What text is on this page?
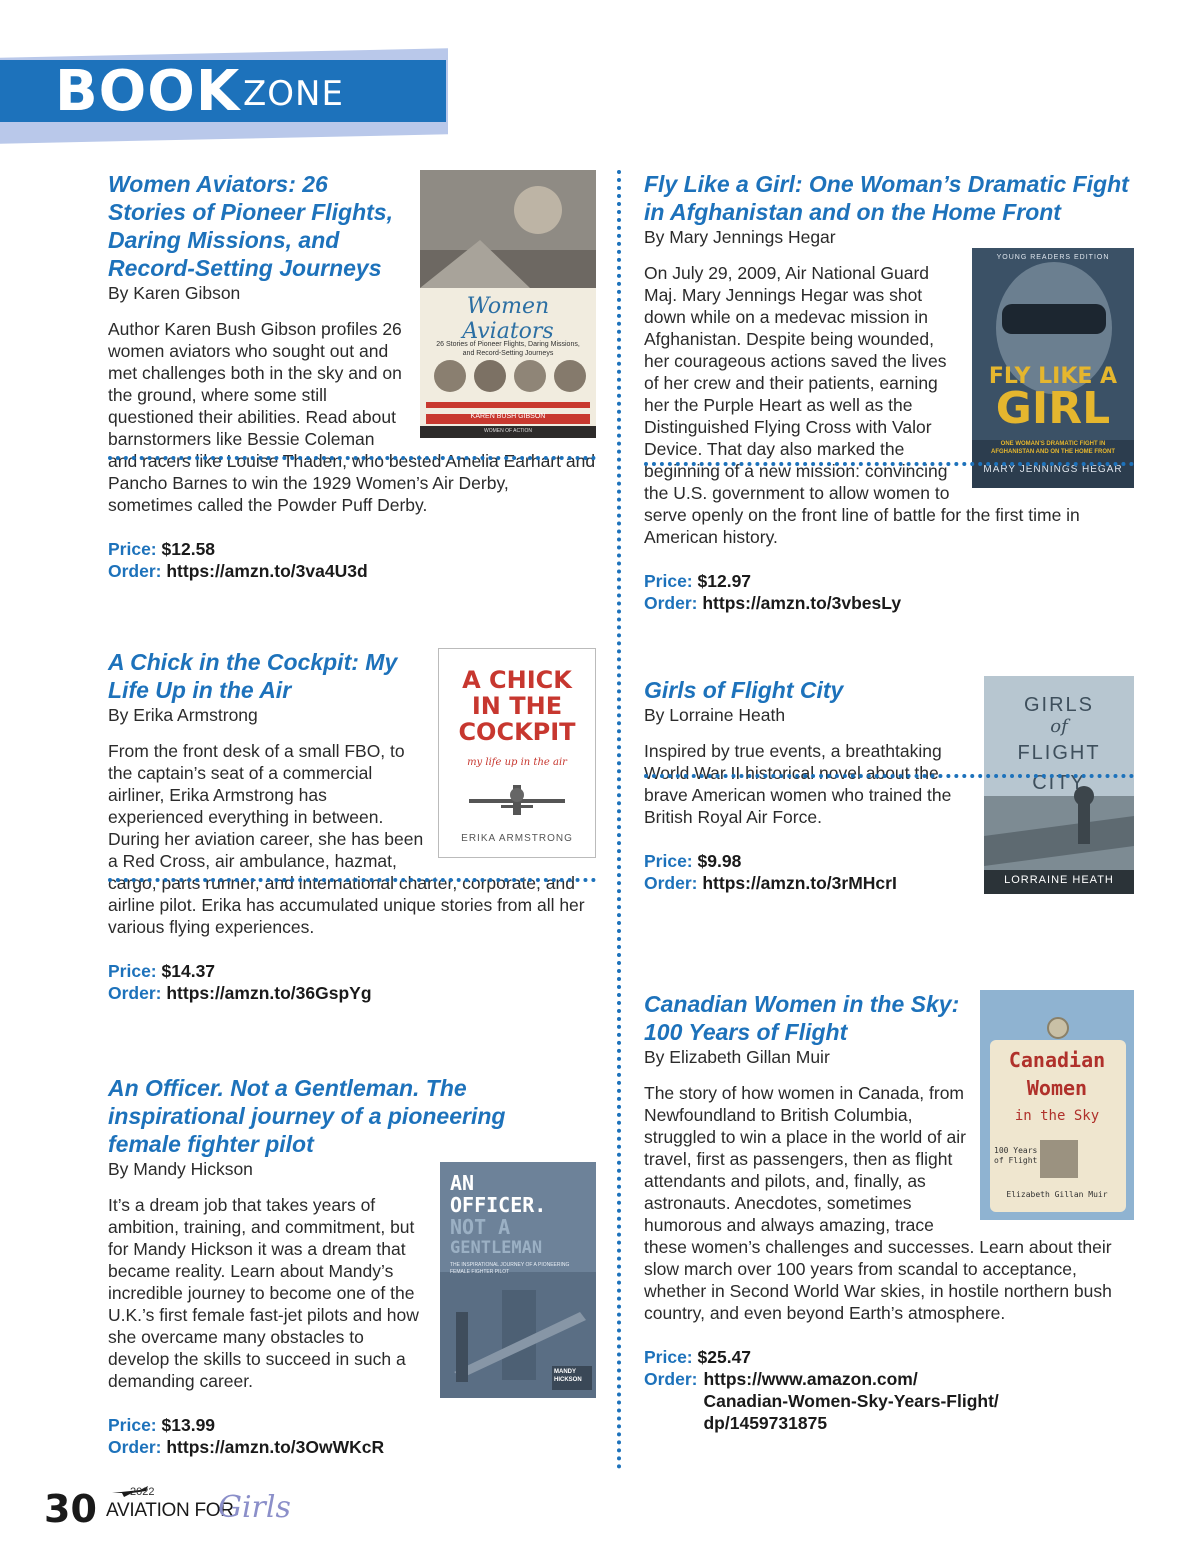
BOOK ZONE
Women Aviators
26 Stories of Pioneer Flights, Daring Missions, and Record-Setting Journeys
KAREN BUSH GIBSON
WOMEN OF ACTION
Women Aviators: 26 Stories of Pioneer Flights, Daring Missions, and Record-Setting Journeys

By Karen Gibson

Author Karen Bush Gibson profiles 26 women aviators who sought out and met challenges both in the sky and on the ground, where some still questioned their abilities. Read about barnstormers like Bessie Coleman and racers like Louise Thaden, who bested Amelia Earhart and Pancho Barnes to win the 1929 Women’s Air Derby, sometimes called the Powder Puff Derby.

Price: $12.58

Order: https://amzn.to/3va4U3d

A CHICK
IN THE
COCKPIT
my life up in the air
ERIKA ARMSTRONG
A Chick in the Cockpit: My Life Up in the Air

By Erika Armstrong

From the front desk of a small FBO, to the captain’s seat of a commercial airliner, Erika Armstrong has experienced everything in between. During her aviation career, she has been a Red Cross, air ambulance, hazmat, cargo, parts runner, and international charter, corporate, and airline pilot. Erika has accumulated unique stories from all her various flying experiences.

Price: $14.37

Order: https://amzn.to/36GspYg

An Officer. Not a Gentleman. The inspirational journey of a pioneering female fighter pilot

By Mandy Hickson

AN
OFFICER.
NOT A
GENTLEMAN
THE INSPIRATIONAL JOURNEY OF A PIONEERING FEMALE FIGHTER PILOT
MANDY HICKSON

It’s a dream job that takes years of ambition, training, and commitment, but for Mandy Hickson it was a dream that became reality. Learn about Mandy’s incredible journey to become one of the U.K.’s first female fast-jet pilots and how she overcame many obstacles to develop the skills to succeed in such a demanding career.

Price: $13.99

Order: https://amzn.to/3OwWKcR

Fly Like a Girl: One Woman’s Dramatic Fight in Afghanistan and on the Home Front

By Mary Jennings Hegar

YOUNG READERS EDITION
FLY LIKE A
GIRL
ONE WOMAN'S DRAMATIC FIGHT IN AFGHANISTAN AND ON THE HOME FRONT
MARY JENNINGS HEGAR

On July 29, 2009, Air National Guard Maj. Mary Jennings Hegar was shot down while on a medevac mission in Afghanistan. Despite being wounded, her courageous actions saved the lives of her crew and their patients, earning her the Purple Heart as well as the Distinguished Flying Cross with Valor Device. That day also marked the beginning of a new mission: convincing the U.S. government to allow women to serve openly on the front line of battle for the first time in American history.

Price: $12.97

Order: https://amzn.to/3vbesLy

GIRLS
of
FLIGHT
CITY
LORRAINE HEATH
Girls of Flight City

By Lorraine Heath

Inspired by true events, a breathtaking World War II historical novel about the brave American women who trained the British Royal Air Force.

Price: $9.98

Order: https://amzn.to/3rMHcrI

Canadian
Women
in the Sky
100 Years of Flight
Elizabeth Gillan Muir
Canadian Women in the Sky: 100 Years of Flight

By Elizabeth Gillan Muir

The story of how women in Canada, from Newfoundland to British Columbia, struggled to win a place in the world of air travel, first as passengers, then as flight attendants and pilots, and, finally, as astronauts. Anecdotes, sometimes humorous and always amazing, trace these women’s challenges and successes. Learn about their slow march over 100 years from scandal to acceptance, whether in Second World War skies, in hostile northern bush country, and even beyond Earth’s atmosphere.

Price: $25.47

Order: https://www.amazon.com/
Canadian-Women-Sky-Years-Flight/
dp/1459731875
30	2022
AVIATION FOR
Girls
